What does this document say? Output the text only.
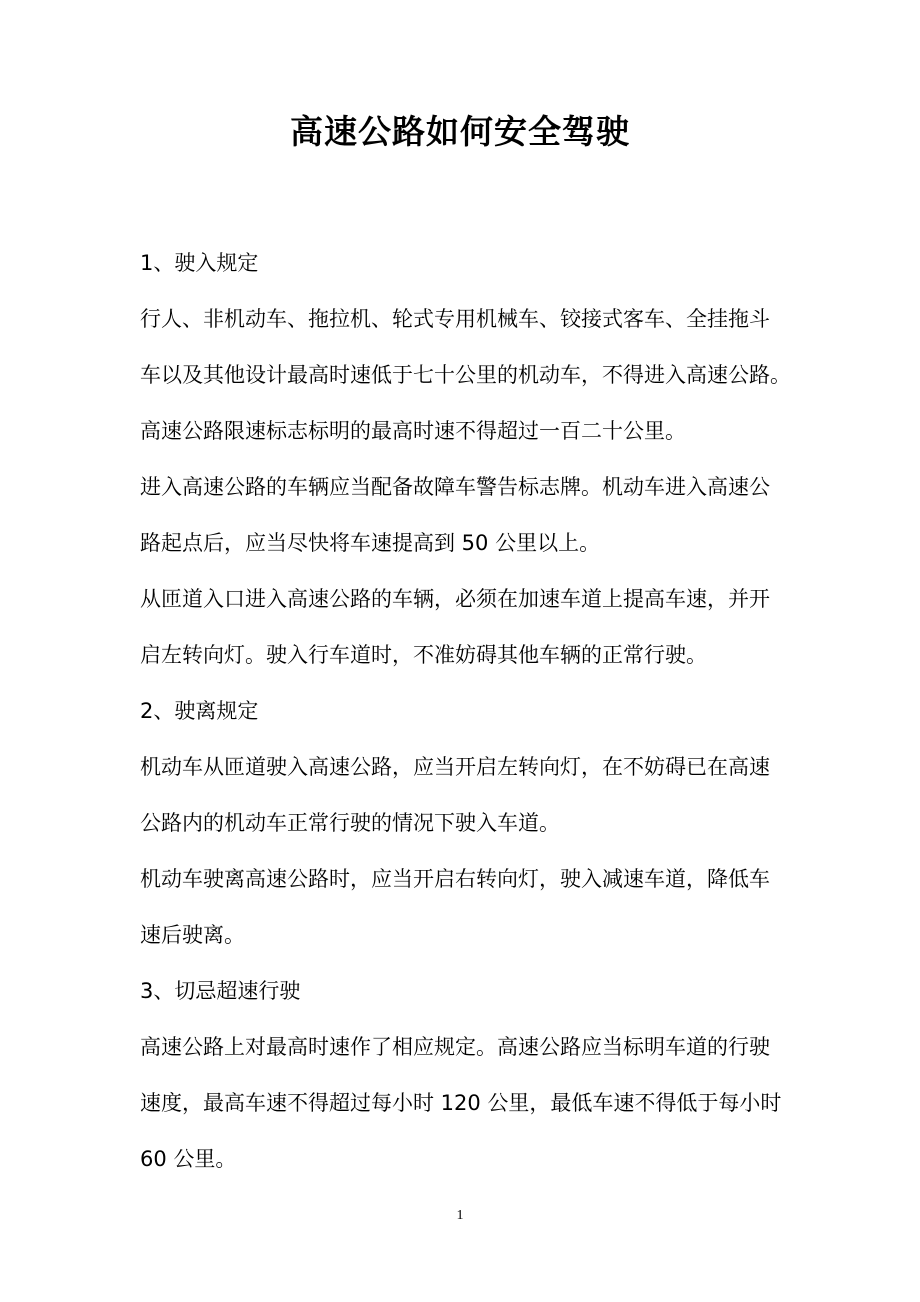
高速公路如何安全驾驶
1、驶入规定
行人、非机动车、拖拉机、轮式专用机械车、铰接式客车、全挂拖斗
车以及其他设计最高时速低于七十公里的机动车，不得进入高速公路。
高速公路限速标志标明的最高时速不得超过一百二十公里。
进入高速公路的车辆应当配备故障车警告标志牌。机动车进入高速公
路起点后，应当尽快将车速提高到 50 公里以上。
从匝道入口进入高速公路的车辆，必须在加速车道上提高车速，并开
启左转向灯。驶入行车道时，不准妨碍其他车辆的正常行驶。
2、驶离规定
机动车从匝道驶入高速公路，应当开启左转向灯，在不妨碍已在高速
公路内的机动车正常行驶的情况下驶入车道。
机动车驶离高速公路时，应当开启右转向灯，驶入减速车道，降低车
速后驶离。
3、切忌超速行驶
高速公路上对最高时速作了相应规定。高速公路应当标明车道的行驶
速度，最高车速不得超过每小时 120 公里，最低车速不得低于每小时
60 公里。
1
